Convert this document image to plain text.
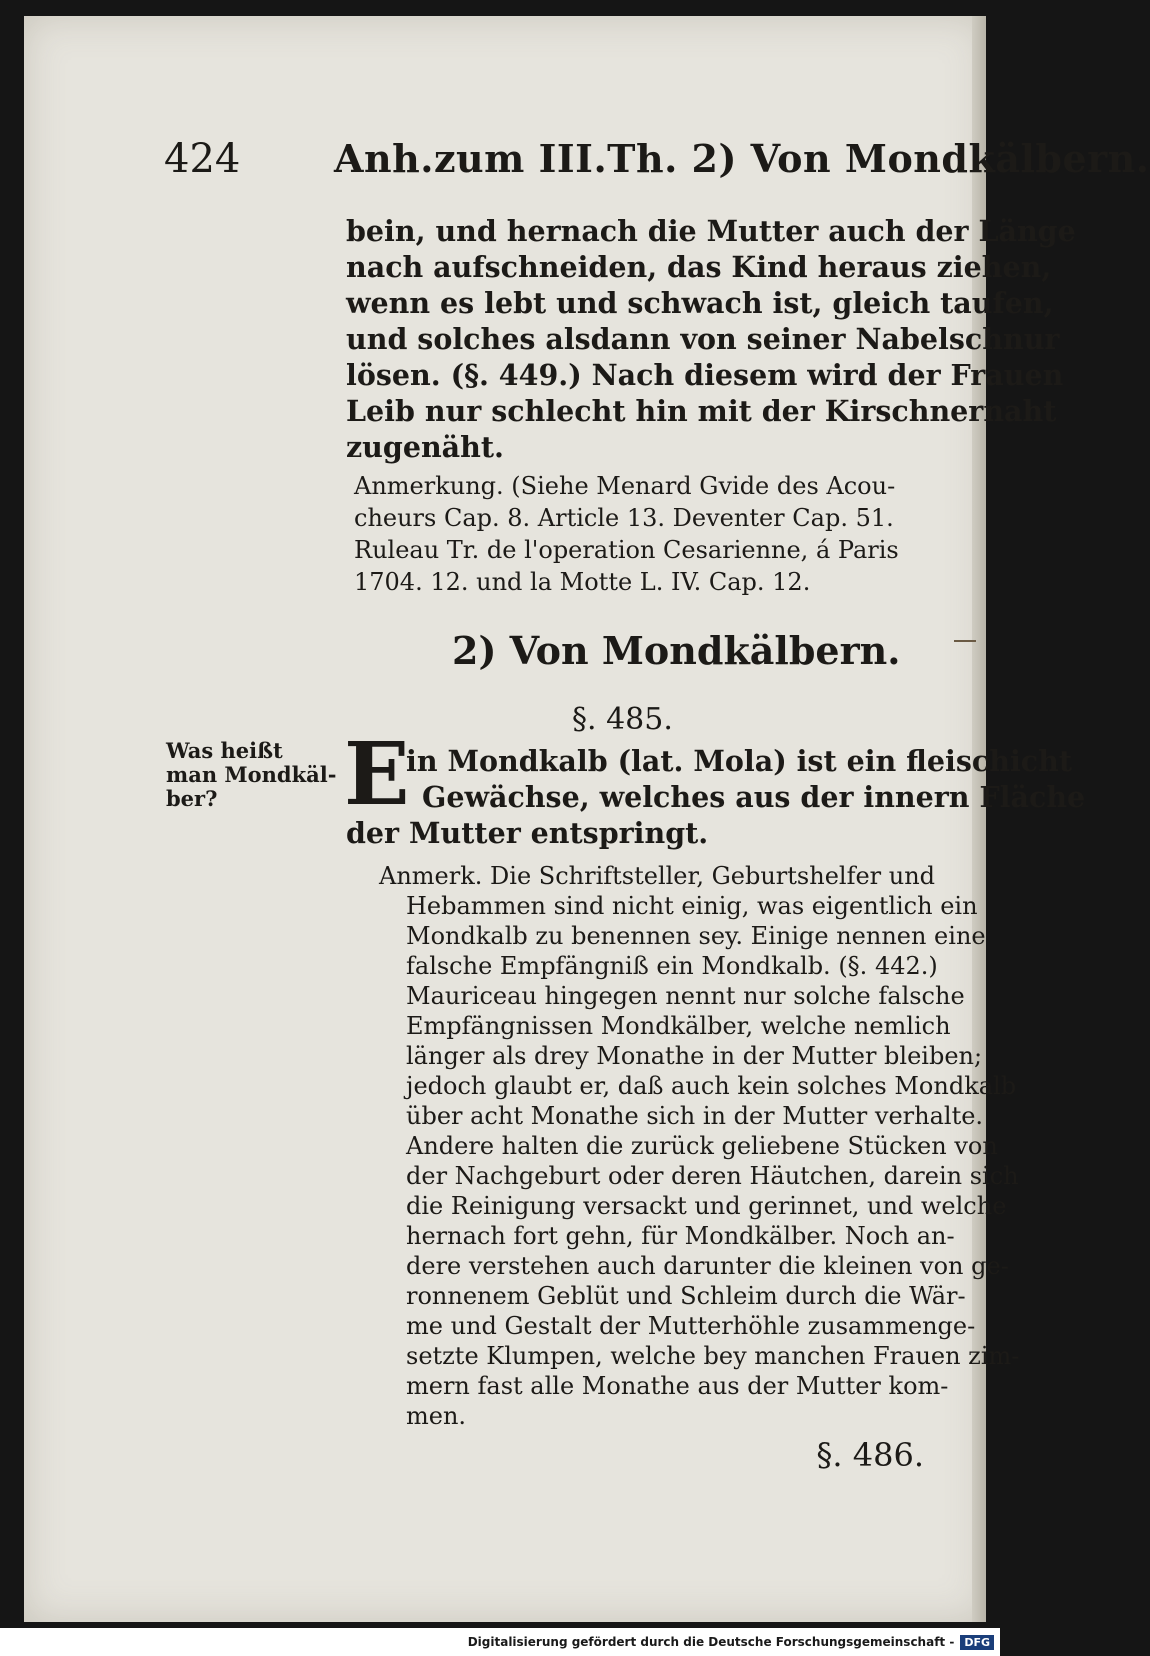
424 Anh.zum III.Th. 2) Von Mondkälbern.
bein, und hernach die Mutter auch der Länge
nach aufschneiden, das Kind heraus ziehen,
wenn es lebt und schwach ist, gleich taufen,
und solches alsdann von seiner Nabelschnur
lösen. (§. 449.) Nach diesem wird der Frauen
Leib nur schlecht hin mit der Kirschnernaht
zugenäht.
Anmerkung. (Siehe Menard Gvide des Acou-
cheurs Cap. 8. Article 13. Deventer Cap. 51.
Ruleau Tr. de l'operation Cesarienne, á Paris
1704. 12. und la Motte L. IV. Cap. 12.
2) Von Mondkälbern.
§. 485.
Was heißt
man Mondkäl-
ber? E
in Mondkalb (lat. Mola) ist ein fleischicht
Gewächse, welches aus der innern Fläche
der Mutter entspringt.
Anmerk. Die Schriftsteller, Geburtshelfer und
Hebammen sind nicht einig, was eigentlich ein
Mondkalb zu benennen sey. Einige nennen eine
falsche Empfängniß ein Mondkalb. (§. 442.)
Mauriceau hingegen nennt nur solche falsche
Empfängnissen Mondkälber, welche nemlich
länger als drey Monathe in der Mutter bleiben;
jedoch glaubt er, daß auch kein solches Mondkalb
über acht Monathe sich in der Mutter verhalte.
Andere halten die zurück geliebene Stücken von
der Nachgeburt oder deren Häutchen, darein sich
die Reinigung versackt und gerinnet, und welche
hernach fort gehn, für Mondkälber. Noch an-
dere verstehen auch darunter die kleinen von ge-
ronnenem Geblüt und Schleim durch die Wär-
me und Gestalt der Mutterhöhle zusammenge-
setzte Klumpen, welche bey manchen Frauen zim-
mern fast alle Monathe aus der Mutter kom-
men.
§. 486.
Digitalisierung gefördert durch die Deutsche Forschungsgemeinschaft - DFG
